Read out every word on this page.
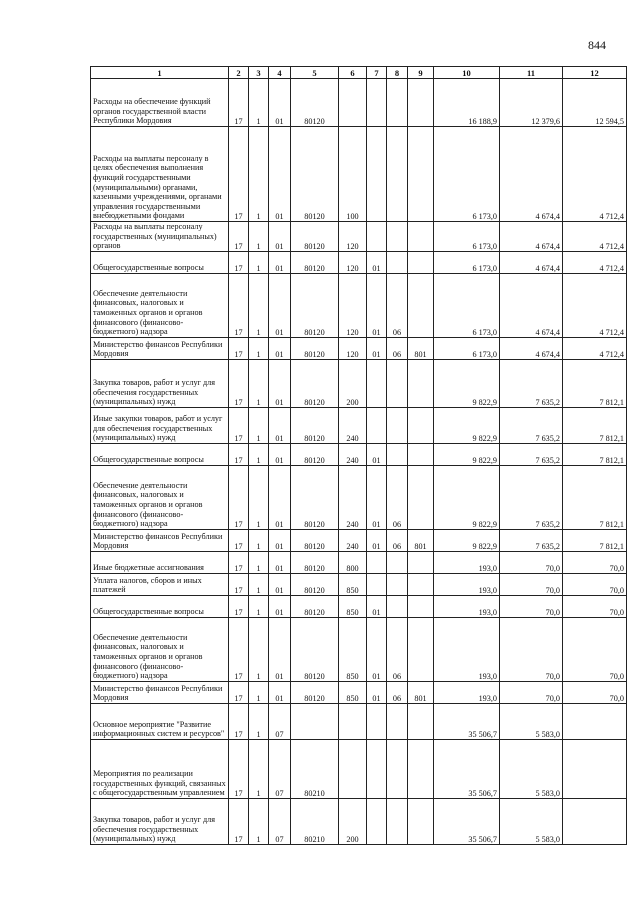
844
1	2	3	4	5	6	7	8	9	10	11	12
Расходы на обеспечение функций органов государственной власти Республики Мордовия	17	1	01	80120					16 188,9	12 379,6	12 594,5
Расходы на выплаты персоналу в целях обеспечения выполнения функций государственными (муниципальными) органами, казенными учреждениями, органами управления государственными внебюджетными фондами	17	1	01	80120	100				6 173,0	4 674,4	4 712,4
Расходы на выплаты персоналу государственных (муниципальных) органов	17	1	01	80120	120				6 173,0	4 674,4	4 712,4
Общегосударственные вопросы	17	1	01	80120	120	01			6 173,0	4 674,4	4 712,4
Обеспечение деятельности финансовых, налоговых и таможенных органов и органов финансового (финансово-бюджетного) надзора	17	1	01	80120	120	01	06		6 173,0	4 674,4	4 712,4
Министерство финансов Республики Мордовия	17	1	01	80120	120	01	06	801	6 173,0	4 674,4	4 712,4
Закупка товаров, работ и услуг для обеспечения государственных (муниципальных) нужд	17	1	01	80120	200				9 822,9	7 635,2	7 812,1
Иные закупки товаров, работ и услуг для обеспечения государственных (муниципальных) нужд	17	1	01	80120	240				9 822,9	7 635,2	7 812,1
Общегосударственные вопросы	17	1	01	80120	240	01			9 822,9	7 635,2	7 812,1
Обеспечение деятельности финансовых, налоговых и таможенных органов и органов финансового (финансово-бюджетного) надзора	17	1	01	80120	240	01	06		9 822,9	7 635,2	7 812,1
Министерство финансов Республики Мордовия	17	1	01	80120	240	01	06	801	9 822,9	7 635,2	7 812,1
Иные бюджетные ассигнования	17	1	01	80120	800				193,0	70,0	70,0
Уплата налогов, сборов и иных платежей	17	1	01	80120	850				193,0	70,0	70,0
Общегосударственные вопросы	17	1	01	80120	850	01			193,0	70,0	70,0
Обеспечение деятельности финансовых, налоговых и таможенных органов и органов финансового (финансово-бюджетного) надзора	17	1	01	80120	850	01	06		193,0	70,0	70,0
Министерство финансов Республики Мордовия	17	1	01	80120	850	01	06	801	193,0	70,0	70,0
Основное мероприятие "Развитие информационных систем и ресурсов"	17	1	07						35 506,7	5 583,0	
Мероприятия по реализации государственных функций, связанных с общегосударственным управлением	17	1	07	80210					35 506,7	5 583,0	
Закупка товаров, работ и услуг для обеспечения государственных (муниципальных) нужд	17	1	07	80210	200				35 506,7	5 583,0	
